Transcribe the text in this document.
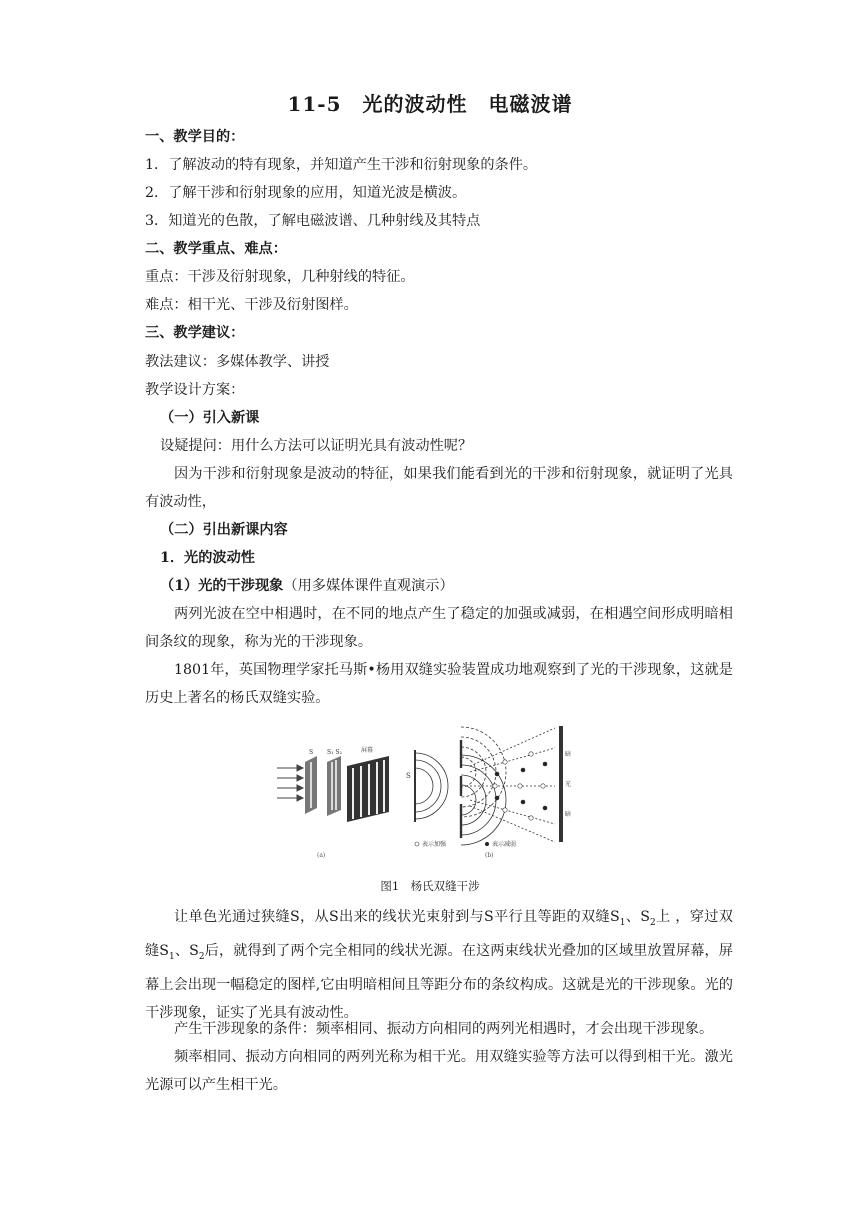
11-5　光的波动性　电磁波谱

一、教学目的：

1．了解波动的特有现象，并知道产生干涉和衍射现象的条件。

2．了解干涉和衍射现象的应用，知道光波是横波。

3．知道光的色散，了解电磁波谱、几种射线及其特点

二、教学重点、难点：

重点：干涉及衍射现象，几种射线的特征。

难点：相干光、干涉及衍射图样。

三、教学建议：

教法建议：多媒体教学、讲授

教学设计方案：

（一）引入新课

设疑提问：用什么方法可以证明光具有波动性呢？

因为干涉和衍射现象是波动的特征，如果我们能看到光的干涉和衍射现象，就证明了光具有波动性，

（二）引出新课内容

1．光的波动性

（1）光的干涉现象（用多媒体课件直观演示）

两列光波在空中相遇时，在不同的地点产生了稳定的加强或减弱，在相遇空间形成明暗相间条纹的现象，称为光的干涉现象。

1801年，英国物理学家托马斯•杨用双缝实验装置成功地观察到了光的干涉现象，这就是历史上著名的杨氏双缝实验。

S S₁ S₂	屏幕
(a)
S
暗
光
暗
表示加强	表示减弱
(b)
图1　杨氏双缝干涉

让单色光通过狭缝S，从S出来的线状光束射到与S平行且等距的双缝$S_1$、$S_2$上 ，穿过双缝$S_1$、$S_2$后，就得到了两个完全相同的线状光源。在这两束线状光叠加的区域里放置屏幕，屏幕上会出现一幅稳定的图样,它由明暗相间且等距分布的条纹构成。这就是光的干涉现象。光的干涉现象，证实了光具有波动性。

产生干涉现象的条件：频率相同、振动方向相同的两列光相遇时，才会出现干涉现象。

频率相同、振动方向相同的两列光称为相干光。用双缝实验等方法可以得到相干光。激光光源可以产生相干光。
